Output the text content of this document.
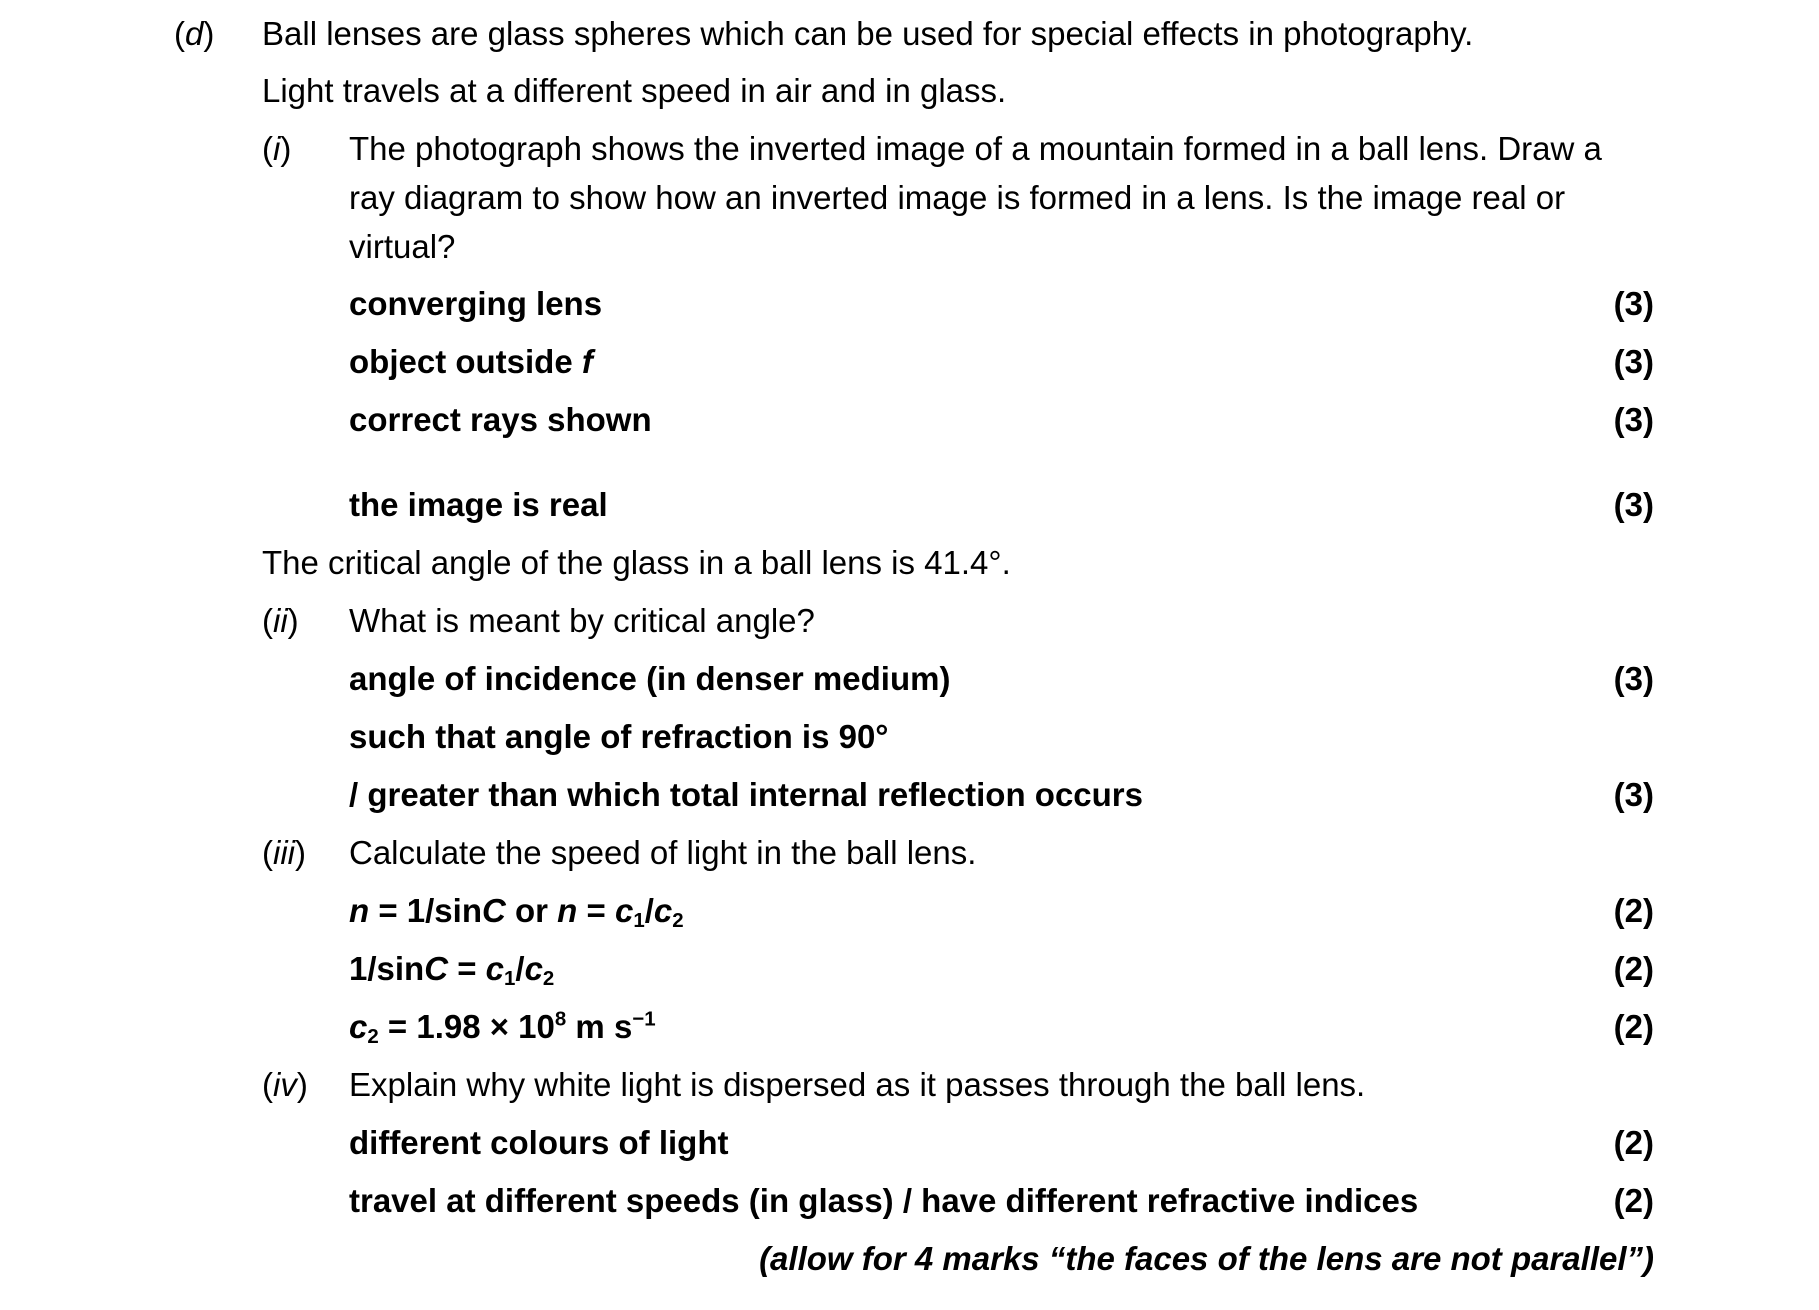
(d) Ball lenses are glass spheres which can be used for special effects in photography.
Light travels at a different speed in air and in glass.
(i) The photograph shows the inverted image of a mountain formed in a ball lens. Draw a
ray diagram to show how an inverted image is formed in a lens. Is the image real or
virtual?
converging lens	(3)
object outside f	(3)
correct rays shown	(3)
the image is real	(3)
The critical angle of the glass in a ball lens is 41.4°.
(ii) What is meant by critical angle?
angle of incidence (in denser medium)	(3)
such that angle of refraction is 90°
/ greater than which total internal reflection occurs	(3)
(iii) Calculate the speed of light in the ball lens.
n = 1/sinC or $n = c_1/c_2$	(2)
$1/\sin C = c_1/c_2$	(2)
$c_2 = 1.98 \times 10^8$ m $s^{-1}$	(2)
(iv) Explain why white light is dispersed as it passes through the ball lens.
different colours of light	(2)
travel at different speeds (in glass) / have different refractive indices	(2)
(allow for 4 marks “the faces of the lens are not parallel”)
